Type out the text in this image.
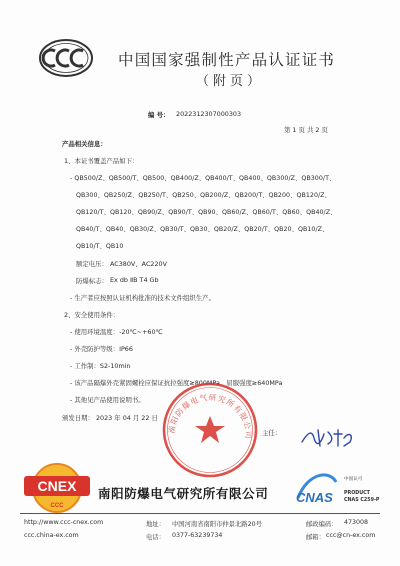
中国国家强制性产品认证证书
（附页）
编 号： 2022312307000303
第 1 页 共 2 页
产品相关信息：
1、本证书覆盖产品如下：
- QB500/Z、QB500/T、QB500、QB400/Z、QB400/T、QB400、QB300/Z、QB300/T、
QB300、QB250/Z、QB250/T、QB250、QB200/Z、QB200/T、QB200、QB120/Z、
QB120/T、QB120、QB90/Z、QB90/T、QB90、QB60/Z、QB60/T、QB60、QB40/Z、
QB40/T、QB40、QB30/Z、QB30/T、QB30、QB20/Z、QB20/T、QB20、QB10/Z、
QB10/T、QB10
额定电压： AC380V、AC220V
防爆标志： Ex db ⅡB T4 Gb
- 生产者应按照认证机构批准的技术文件组织生产。
2、安全使用条件：
- 使用环境温度：-20℃~+60℃
- 外壳防护等级：IP66
- 工作制：S2-10min
- 该产品隔爆外壳紧固螺栓应保证抗拉强度≥800MPa，屈服强度≥640MPa
- 其他见产品使用说明书。
颁发日期： 2023 年 04 月 22 日
南阳防爆电气研究所有限公司 主任：
CNEX
CCC
南阳防爆电气研究所有限公司 CNAS
中国认可
PRODUCT
CNAS C259-P
http://www.ccc-cnex.com
ccc.china-ex.com
地址： 中国河南省南阳市仲景北路20号
电话： 0377-63239734
邮政编码： 473008
邮箱： ccc@cn-ex.com
